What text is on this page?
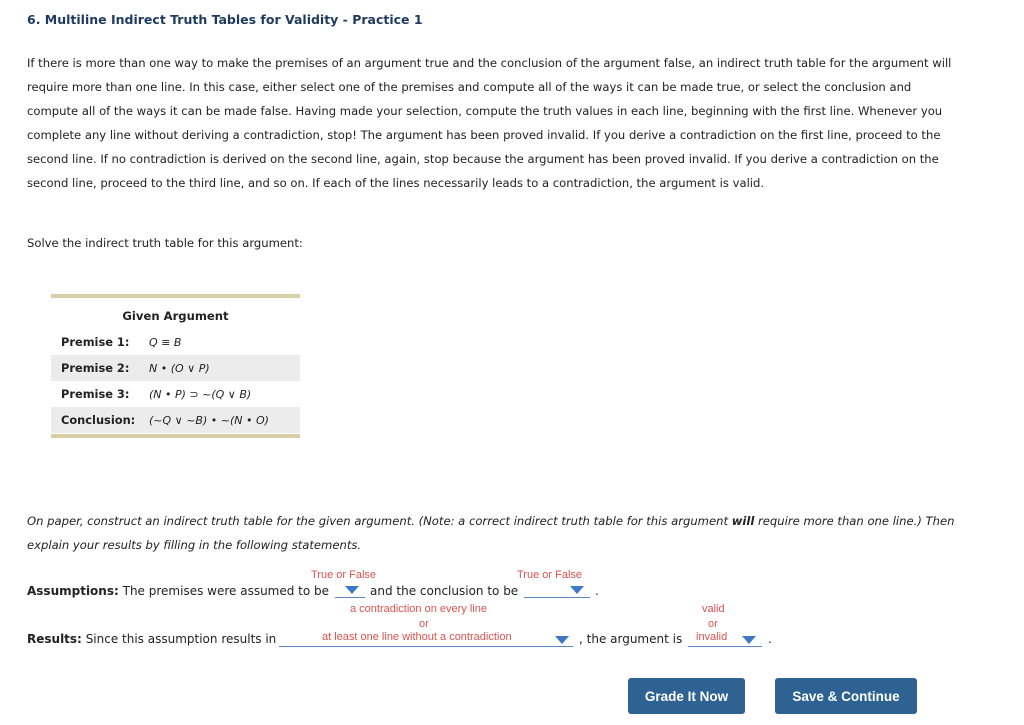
6. Multiline Indirect Truth Tables for Validity - Practice 1
If there is more than one way to make the premises of an argument true and the conclusion of the argument false, an indirect truth table for the argument will require more than one line. In this case, either select one of the premises and compute all of the ways it can be made true, or select the conclusion and compute all of the ways it can be made false. Having made your selection, compute the truth values in each line, beginning with the first line. Whenever you complete any line without deriving a contradiction, stop! The argument has been proved invalid. If you derive a contradiction on the first line, proceed to the second line. If no contradiction is derived on the second line, again, stop because the argument has been proved invalid. If you derive a contradiction on the second line, proceed to the third line, and so on. If each of the lines necessarily leads to a contradiction, the argument is valid.
Solve the indirect truth table for this argument:
Given Argument
Premise 1:	Q ≡ B
Premise 2:	N • (O ∨ P)
Premise 3:	(N • P) ⊃ ~(Q ∨ B)
Conclusion:	(~Q ∨ ~B) • ~(N • O)
On paper, construct an indirect truth table for the given argument. (Note: a correct indirect truth table for this argument will require more than one line.) Then explain your results by filling in the following statements.
Assumptions: The premises were assumed to be
True or False
and the conclusion to be
True or False
.
Results: Since this assumption results in
a contradiction on every line
or
at least one line without a contradiction	, the argument is
valid
or
invalid	.
Grade It Now	Save & Continue
